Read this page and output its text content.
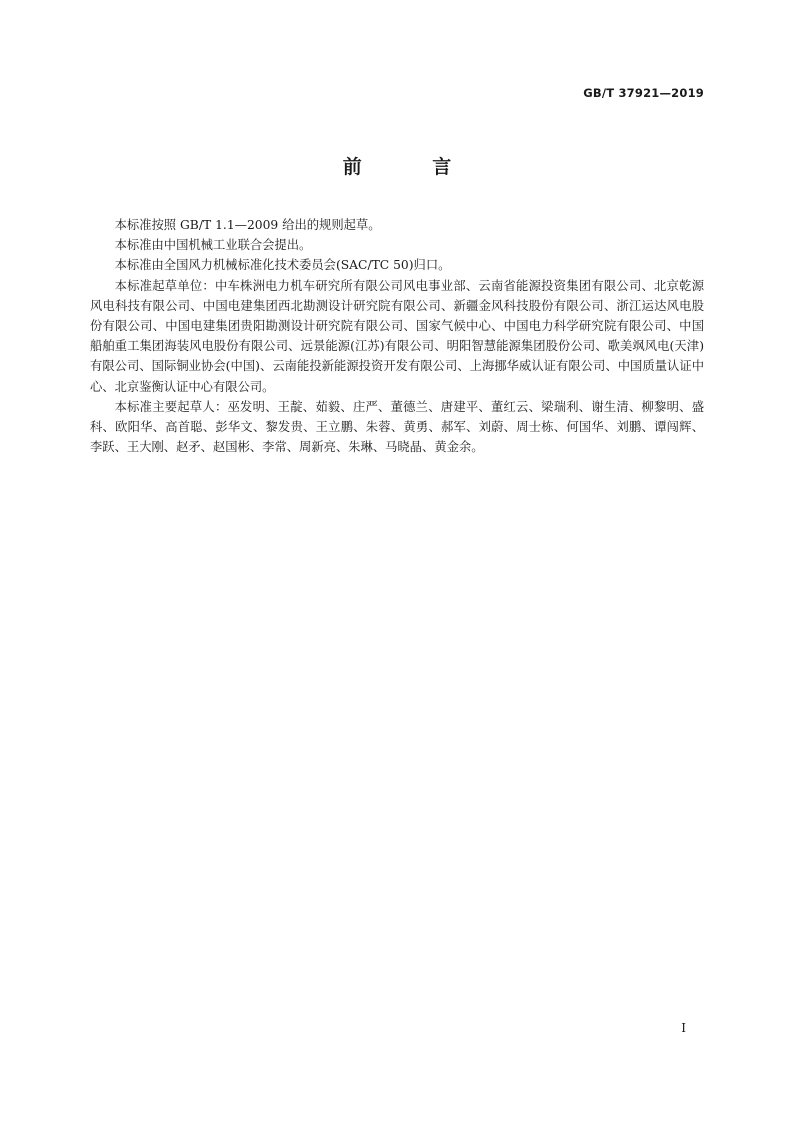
GB/T 37921—2019
前 言

本标准按照 GB/T 1.1—2009 给出的规则起草。

本标准由中国机械工业联合会提出。

本标准由全国风力机械标准化技术委员会(SAC/TC 50)归口。

本标准起草单位：中车株洲电力机车研究所有限公司风电事业部、云南省能源投资集团有限公司、北京乾源风电科技有限公司、中国电建集团西北勘测设计研究院有限公司、新疆金风科技股份有限公司、浙江运达风电股份有限公司、中国电建集团贵阳勘测设计研究院有限公司、国家气候中心、中国电力科学研究院有限公司、中国船舶重工集团海装风电股份有限公司、远景能源(江苏)有限公司、明阳智慧能源集团股份公司、歌美飒风电(天津)有限公司、国际铜业协会(中国)、云南能投新能源投资开发有限公司、上海挪华威认证有限公司、中国质量认证中心、北京鉴衡认证中心有限公司。

本标准主要起草人：巫发明、王靛、茹毅、庄严、董德兰、唐建平、董红云、梁瑞利、谢生清、柳黎明、盛科、欧阳华、高首聪、彭华文、黎发贵、王立鹏、朱蓉、黄勇、郝军、刘蔚、周士栋、何国华、刘鹏、谭闯辉、李跃、王大刚、赵矛、赵国彬、李常、周新亮、朱琳、马晓晶、黄金余。

I
